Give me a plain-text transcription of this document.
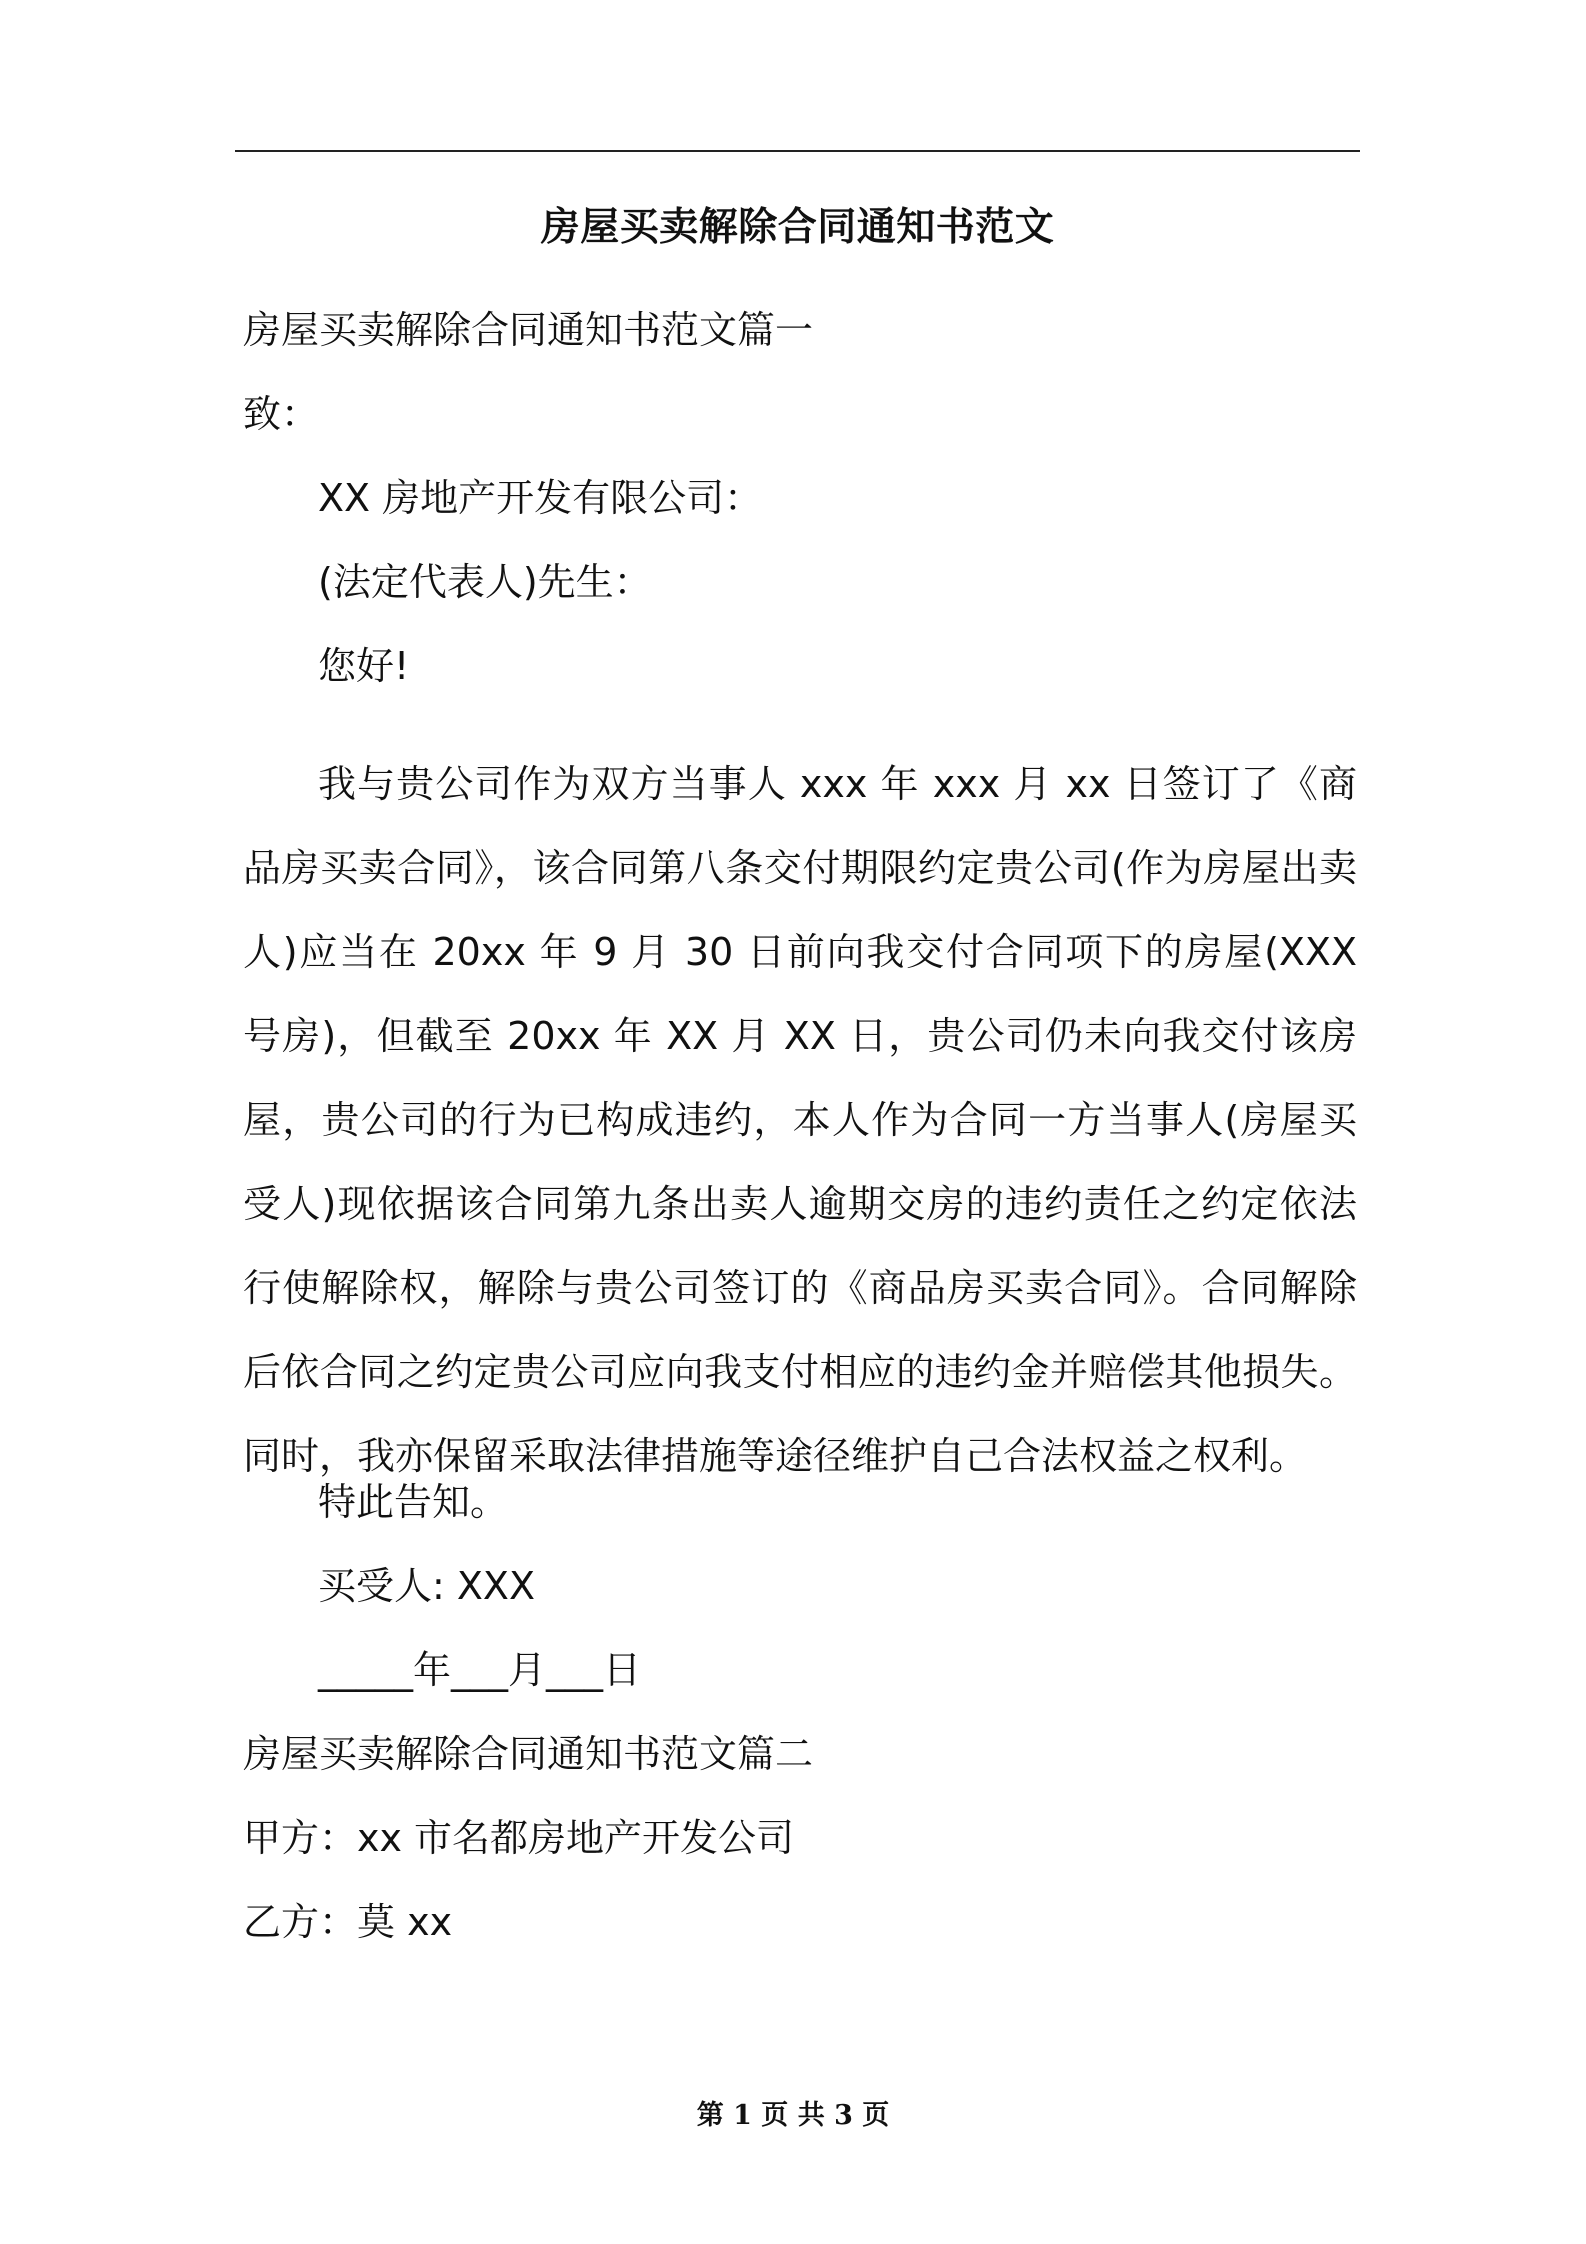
房屋买卖解除合同通知书范文
房屋买卖解除合同通知书范文篇一
致：
XX 房地产开发有限公司：
(法定代表人)先生：
您好!
我与贵公司作为双方当事人 xxx 年 xxx 月 xx 日签订了《商品房买卖合同》，该合同第八条交付期限约定贵公司(作为房屋出卖人)应当在 20xx 年 9 月 30 日前向我交付合同项下的房屋(XXX 号房)，但截至 20xx 年 XX 月 XX 日，贵公司仍未向我交付该房屋，贵公司的行为已构成违约，本人作为合同一方当事人(房屋买受人)现依据该合同第九条出卖人逾期交房的违约责任之约定依法行使解除权，解除与贵公司签订的《商品房买卖合同》。合同解除后依合同之约定贵公司应向我支付相应的违约金并赔偿其他损失。同时，我亦保留采取法律措施等途径维护自己合法权益之权利。
特此告知。
买受人: XXX
_____年___月___日
房屋买卖解除合同通知书范文篇二
甲方：xx 市名都房地产开发公司
乙方：莫 xx
第 1 页 共 3 页
